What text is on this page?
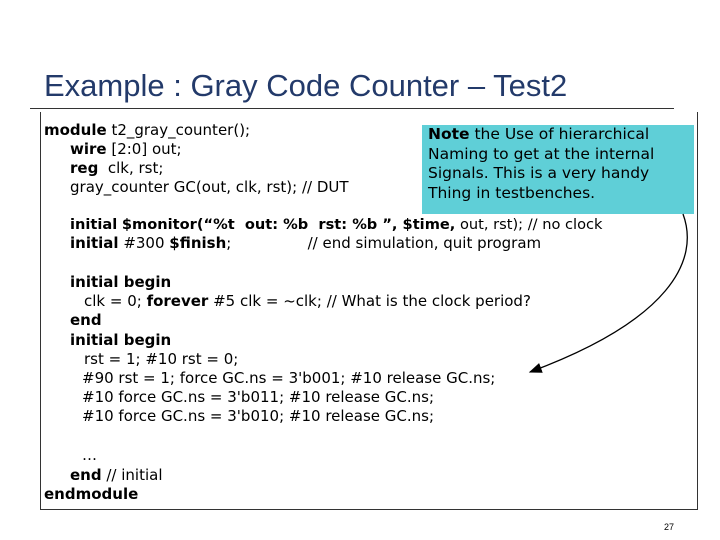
Example : Gray Code Counter – Test2
module t2_gray_counter();
wire [2:0] out;
reg  clk, rst;
gray_counter GC(out, clk, rst); // DUT
initial $monitor(“%t  out: %b  rst: %b ”, $time, out, rst); // no clock
initial #300 $finish;                // end simulation, quit program
initial begin
clk = 0; forever #5 clk = ~clk; // What is the clock period?
end
initial begin
rst = 1; #10 rst = 0;
#90 rst = 1; force GC.ns = 3'b001; #10 release GC.ns;
#10 force GC.ns = 3'b011; #10 release GC.ns;
#10 force GC.ns = 3'b010; #10 release GC.ns;
…
end // initial
endmodule
Note the Use of hierarchical
Naming to get at the internal
Signals. This is a very handy
Thing in testbenches.
27
